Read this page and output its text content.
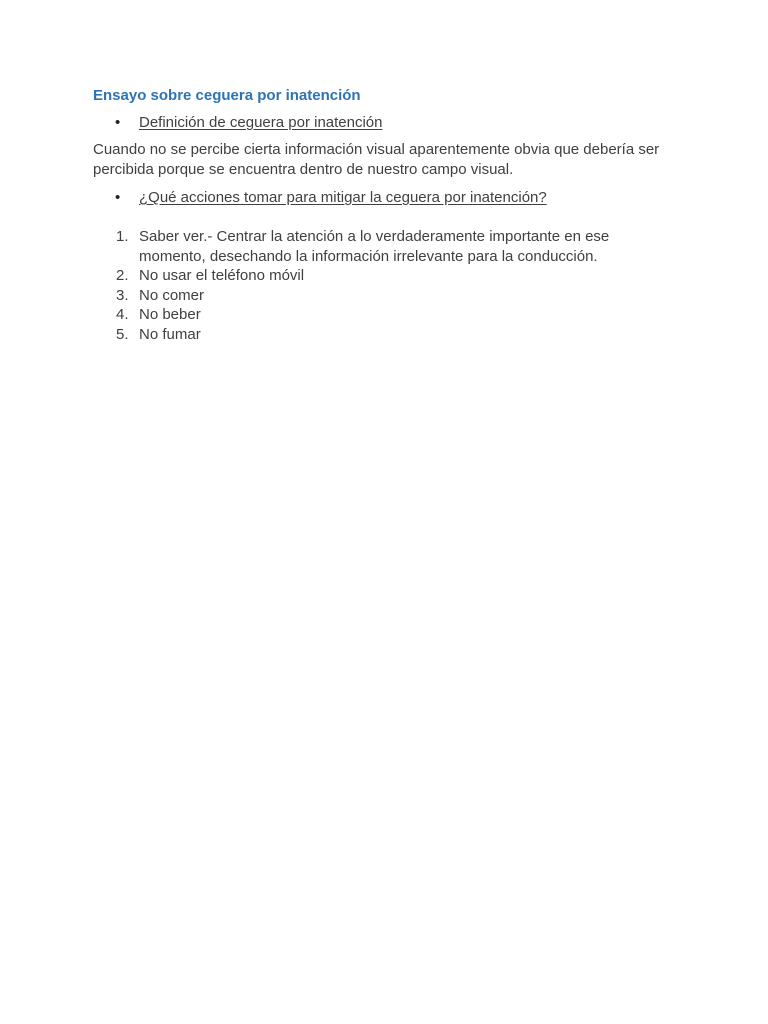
Ensayo sobre ceguera por inatención
• Definición de ceguera por inatención

Cuando no se percibe cierta información visual aparentemente obvia que debería ser percibida porque se encuentra dentro de nuestro campo visual.

• ¿Qué acciones tomar para mitigar la ceguera por inatención?
1. Saber ver.- Centrar la atención a lo verdaderamente importante en ese momento, desechando la información irrelevante para la conducción.
2. No usar el teléfono móvil
3. No comer
4. No beber
5. No fumar
